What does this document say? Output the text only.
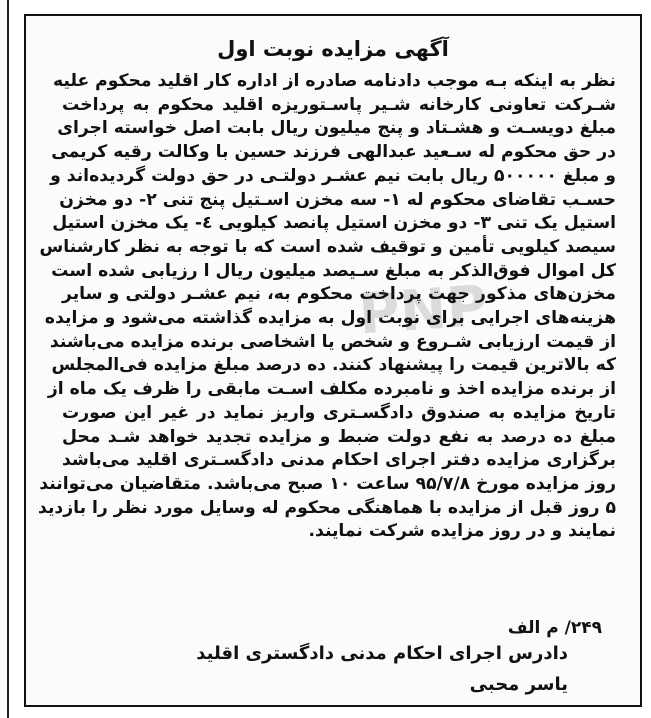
PNP
آگهی مزایده نوبت اول
نظر به اینکه بـه موجب دادنامه صادره از اداره کار اقلید محکوم علیه
شـرکت تعاونی کارخانه شـیر پاسـتوریزه اقلید محکوم به پرداخت
مبلغ دویسـت و هشـتاد و پنج میلیون ریال بابت اصل خواسته اجرای
در حق محکوم له سـعید عبدالهی فرزند حسین با وکالت رقیه کریمی
و مبلغ ۵۰۰۰۰۰ ریال بابت نیم عشـر دولتـی در حق دولت گردیده‌اند و
حسـب تقاضای محکوم له ۱- سه مخزن اسـتیل پنج تنی ۲- دو مخزن
استیل یک تنی ۳- دو مخزن استیل پانصد کیلویی ٤- یک مخزن استیل
سیصد کیلویی تأمین و توقیف شده است که با توجه به نظر کارشناس
کل اموال فوق‌الذکر به مبلغ سـیصد میلیون ریال ا رزیابی شده است
مخزن‌های مذکور جهت پرداخت محکوم به، نیم عشـر دولتی و سایر
هزینه‌های اجرایی برای نوبت اول به مزایده گذاشته می‌شود و مزایده
از قیمت ارزیابی شـروع و شخص یا اشخاصی برنده مزایده می‌باشند
که بالاترین قیمت را پیشنهاد کنند. ده درصد مبلغ مزایده فی‌المجلس
از برنده مزایده اخذ و نامبرده مکلف اسـت مابقی را ظرف یک ماه از
تاریخ مزایده به صندوق دادگسـتری واریز نماید در غیر این صورت
مبلغ ده درصد به نفع دولت ضبط و مزایده تجدید خواهد شـد محل
برگزاری مزایده دفتر اجرای احکام مدنی دادگسـتری اقلید می‌باشد
روز مزایده مورخ ۹۵/۷/۸ ساعت ۱۰ صبح می‌باشد. متقاضیان می‌توانند
۵ روز قبل از مزایده با هماهنگی محکوم له وسایل مورد نظر را بازدید
نمایند و در روز مزایده شرکت نمایند.
۲۴۹/ م الف
دادرس اجرای احکام مدنی دادگستری اقلید
یاسر محبی
